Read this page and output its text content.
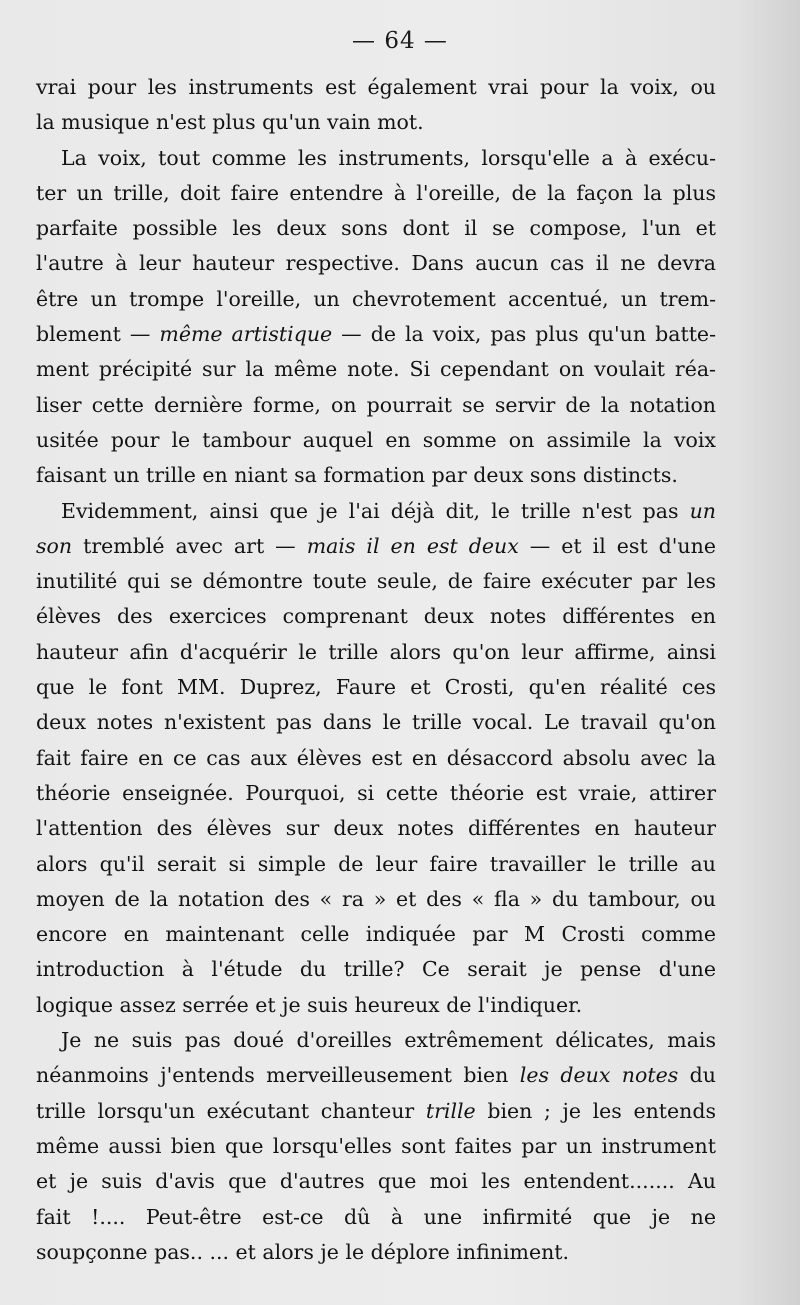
— 64 —
vrai pour les instruments est également vrai pour la voix, ou
la musique n'est plus qu'un vain mot.
La voix, tout comme les instruments, lorsqu'elle a à exécu-
ter un trille, doit faire entendre à l'oreille, de la façon la plus
parfaite possible les deux sons dont il se compose, l'un et
l'autre à leur hauteur respective. Dans aucun cas il ne devra
être un trompe l'oreille, un chevrotement accentué, un trem-
blement — même artistique — de la voix, pas plus qu'un batte-
ment précipité sur la même note. Si cependant on voulait réa-
liser cette dernière forme, on pourrait se servir de la notation
usitée pour le tambour auquel en somme on assimile la voix
faisant un trille en niant sa formation par deux sons distincts.
Evidemment, ainsi que je l'ai déjà dit, le trille n'est pas un
son tremblé avec art — mais il en est deux — et il est d'une
inutilité qui se démontre toute seule, de faire exécuter par les
élèves des exercices comprenant deux notes différentes en
hauteur afin d'acquérir le trille alors qu'on leur affirme, ainsi
que le font MM. Duprez, Faure et Crosti, qu'en réalité ces
deux notes n'existent pas dans le trille vocal. Le travail qu'on
fait faire en ce cas aux élèves est en désaccord absolu avec la
théorie enseignée. Pourquoi, si cette théorie est vraie, attirer
l'attention des élèves sur deux notes différentes en hauteur
alors qu'il serait si simple de leur faire travailler le trille au
moyen de la notation des « ra » et des « fla » du tambour, ou
encore en maintenant celle indiquée par M Crosti comme
introduction à l'étude du trille? Ce serait je pense d'une
logique assez serrée et je suis heureux de l'indiquer.
Je ne suis pas doué d'oreilles extrêmement délicates, mais
néanmoins j'entends merveilleusement bien les deux notes du
trille lorsqu'un exécutant chanteur trille bien ; je les entends
même aussi bien que lorsqu'elles sont faites par un instrument
et je suis d'avis que d'autres que moi les entendent....... Au
fait !.... Peut-être est-ce dû à une infirmité que je ne
soupçonne pas.. ... et alors je le déplore infiniment.
